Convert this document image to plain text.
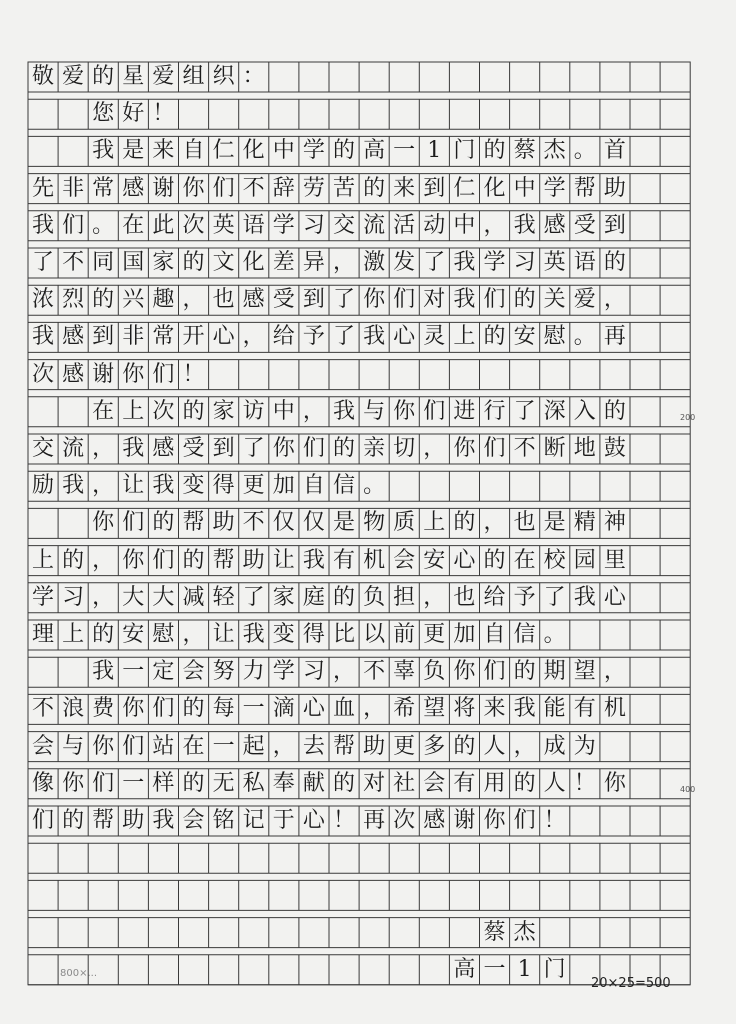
敬 爱 的 星 爱 组 织 ：
您 好 ！
我 是 来 自 仁 化 中 学 的 高 一 1 门 的 蔡 杰 。 首
先 非 常 感 谢 你 们 不 辞 劳 苦 的 来 到 仁 化 中 学 帮 助
我 们 。 在 此 次 英 语 学 习 交 流 活 动 中 ， 我 感 受 到
了 不 同 国 家 的 文 化 差 异 ， 激 发 了 我 学 习 英 语 的
浓 烈 的 兴 趣 ， 也 感 受 到 了 你 们 对 我 们 的 关 爱 ，
我 感 到 非 常 开 心 ， 给 予 了 我 心 灵 上 的 安 慰 。 再
次 感 谢 你 们 ！
在 上 次 的 家 访 中 ， 我 与 你 们 进 行 了 深 入 的
交 流 ， 我 感 受 到 了 你 们 的 亲 切 ， 你 们 不 断 地 鼓
励 我 ， 让 我 变 得 更 加 自 信 。
你 们 的 帮 助 不 仅 仅 是 物 质 上 的 ， 也 是 精 神
上 的 ， 你 们 的 帮 助 让 我 有 机 会 安 心 的 在 校 园 里
学 习 ， 大 大 减 轻 了 家 庭 的 负 担 ， 也 给 予 了 我 心
理 上 的 安 慰 ， 让 我 变 得 比 以 前 更 加 自 信 。
我 一 定 会 努 力 学 习 ， 不 辜 负 你 们 的 期 望 ，
不 浪 费 你 们 的 每 一 滴 心 血 ， 希 望 将 来 我 能 有 机
会 与 你 们 站 在 一 起 ， 去 帮 助 更 多 的 人 ， 成 为
像 你 们 一 样 的 无 私 奉 献 的 对 社 会 有 用 的 人 ！ 你
们 的 帮 助 我 会 铭 记 于 心 ！ 再 次 感 谢 你 们 ！
蔡 杰
高 一 1 门
200
400
800×...
20×25=500
